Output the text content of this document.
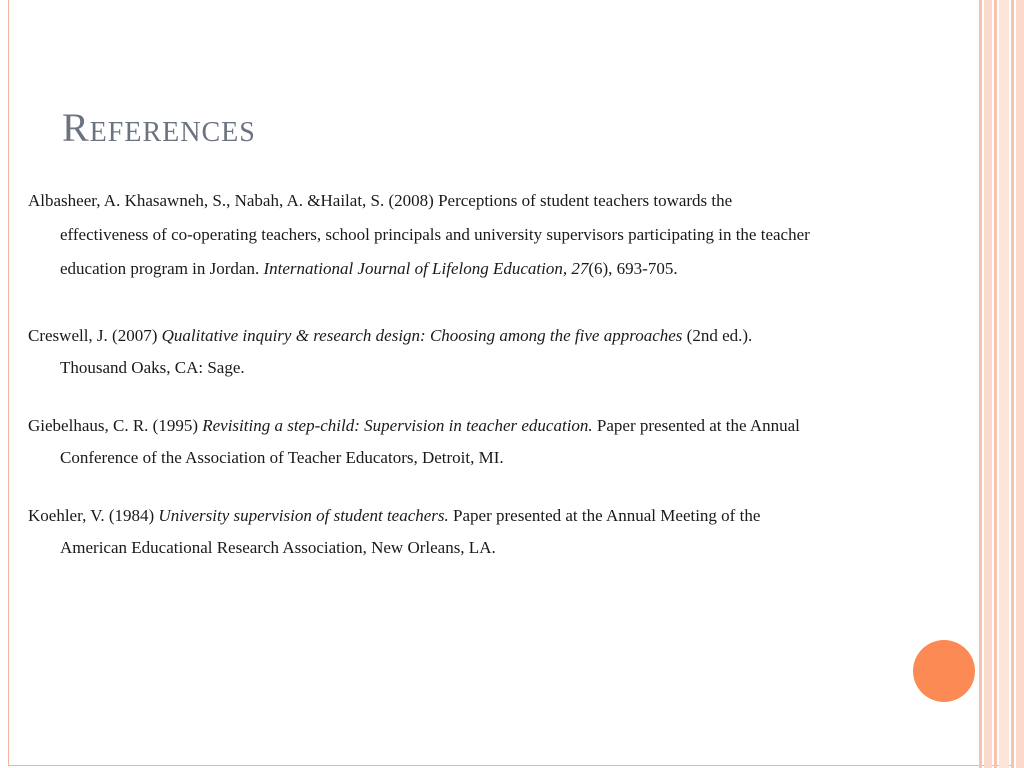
References

Albasheer, A. Khasawneh, S., Nabah, A. &Hailat, S. (2008) Perceptions of student teachers towards the effectiveness of co-operating teachers, school principals and university supervisors participating in the teacher education program in Jordan. International Journal of Lifelong Education, 27(6), 693-705.

Creswell, J. (2007) Qualitative inquiry & research design: Choosing among the five approaches (2nd ed.). Thousand Oaks, CA: Sage.

Giebelhaus, C. R. (1995) Revisiting a step-child: Supervision in teacher education. Paper presented at the Annual Conference of the Association of Teacher Educators, Detroit, MI.

Koehler, V. (1984) University supervision of student teachers. Paper presented at the Annual Meeting of the American Educational Research Association, New Orleans, LA.
